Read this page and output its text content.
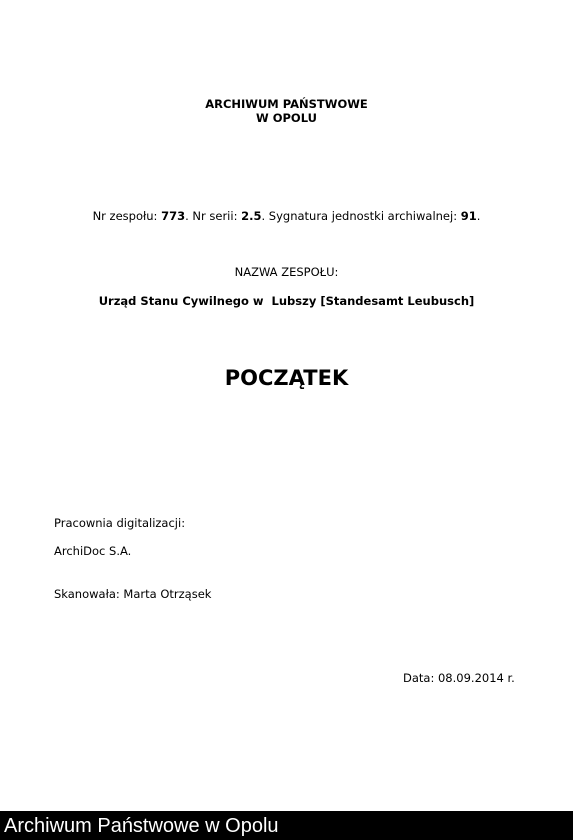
ARCHIWUM PAŃSTWOWE
W OPOLU
Nr zespołu: 773. Nr serii: 2.5. Sygnatura jednostki archiwalnej: 91.
NAZWA ZESPOŁU:
Urząd Stanu Cywilnego w  Lubszy [Standesamt Leubusch]
POCZĄTEK
Pracownia digitalizacji:
ArchiDoc S.A.
Skanowała: Marta Otrząsek
Data: 08.09.2014 r.
Archiwum Państwowe w Opolu
